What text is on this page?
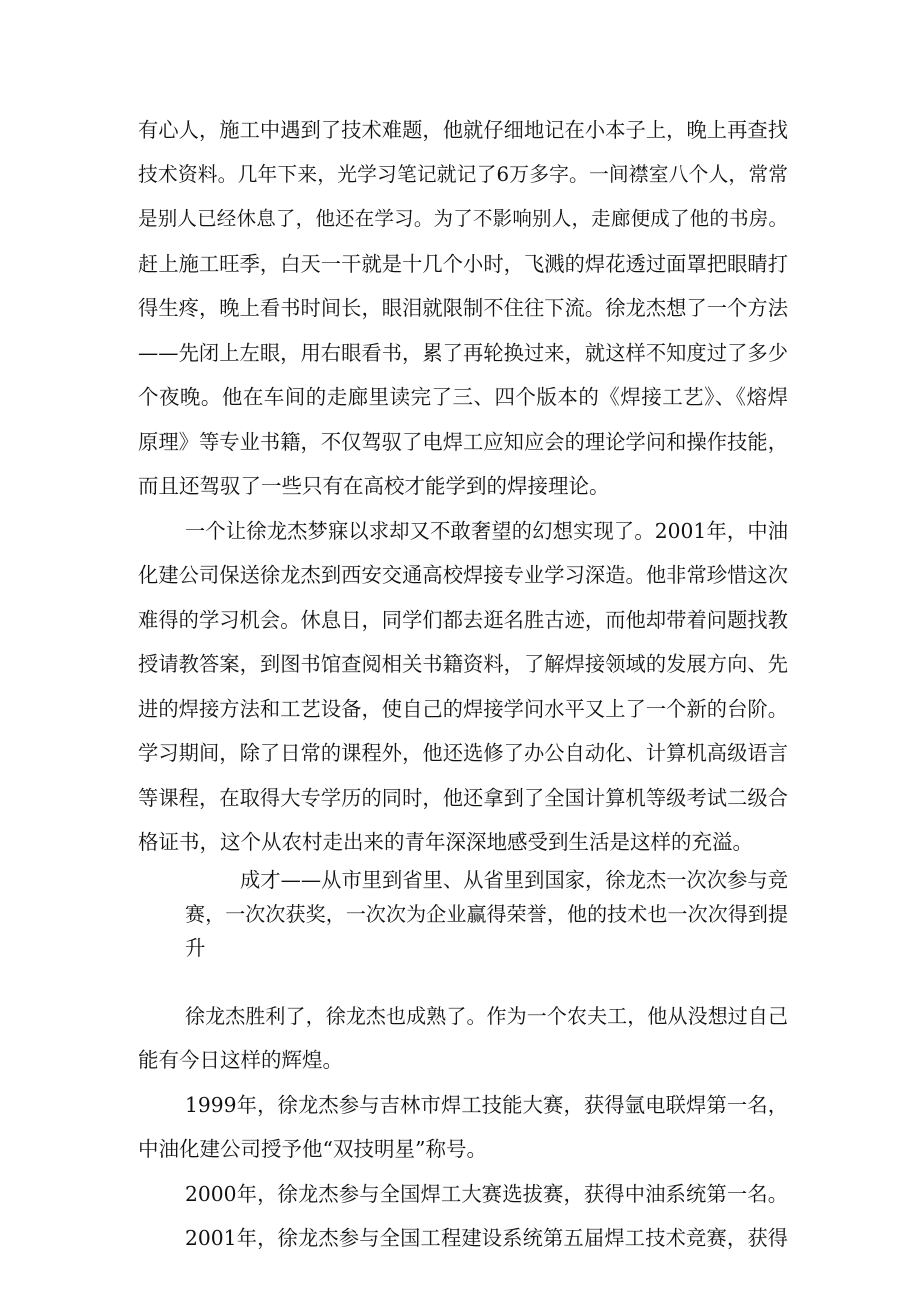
有心人，施工中遇到了技术难题，他就仔细地记在小本子上，晚上再查找
技术资料。几年下来，光学习笔记就记了6万多字。一间襟室八个人，常常
是别人已经休息了，他还在学习。为了不影响别人，走廊便成了他的书房。
赶上施工旺季，白天一干就是十几个小时，飞溅的焊花透过面罩把眼睛打
得生疼，晚上看书时间长，眼泪就限制不住往下流。徐龙杰想了一个方法
——先闭上左眼，用右眼看书，累了再轮换过来，就这样不知度过了多少
个夜晚。他在车间的走廊里读完了三、四个版本的《焊接工艺》、《熔焊
原理》等专业书籍，不仅驾驭了电焊工应知应会的理论学问和操作技能，
而且还驾驭了一些只有在高校才能学到的焊接理论。
一个让徐龙杰梦寐以求却又不敢奢望的幻想实现了。2001年，中油
化建公司保送徐龙杰到西安交通高校焊接专业学习深造。他非常珍惜这次
难得的学习机会。休息日，同学们都去逛名胜古迹，而他却带着问题找教
授请教答案，到图书馆查阅相关书籍资料，了解焊接领域的发展方向、先
进的焊接方法和工艺设备，使自己的焊接学问水平又上了一个新的台阶。
学习期间，除了日常的课程外，他还选修了办公自动化、计算机高级语言
等课程，在取得大专学历的同时，他还拿到了全国计算机等级考试二级合
格证书，这个从农村走出来的青年深深地感受到生活是这样的充溢。
成才——从市里到省里、从省里到国家，徐龙杰一次次参与竞
赛，一次次获奖，一次次为企业赢得荣誉，他的技术也一次次得到提
升
徐龙杰胜利了，徐龙杰也成熟了。作为一个农夫工，他从没想过自己
能有今日这样的辉煌。
1999年，徐龙杰参与吉林市焊工技能大赛，获得氩电联焊第一名，
中油化建公司授予他“双技明星”称号。
2000年，徐龙杰参与全国焊工大赛选拔赛，获得中油系统第一名。
2001年，徐龙杰参与全国工程建设系统第五届焊工技术竞赛，获得
